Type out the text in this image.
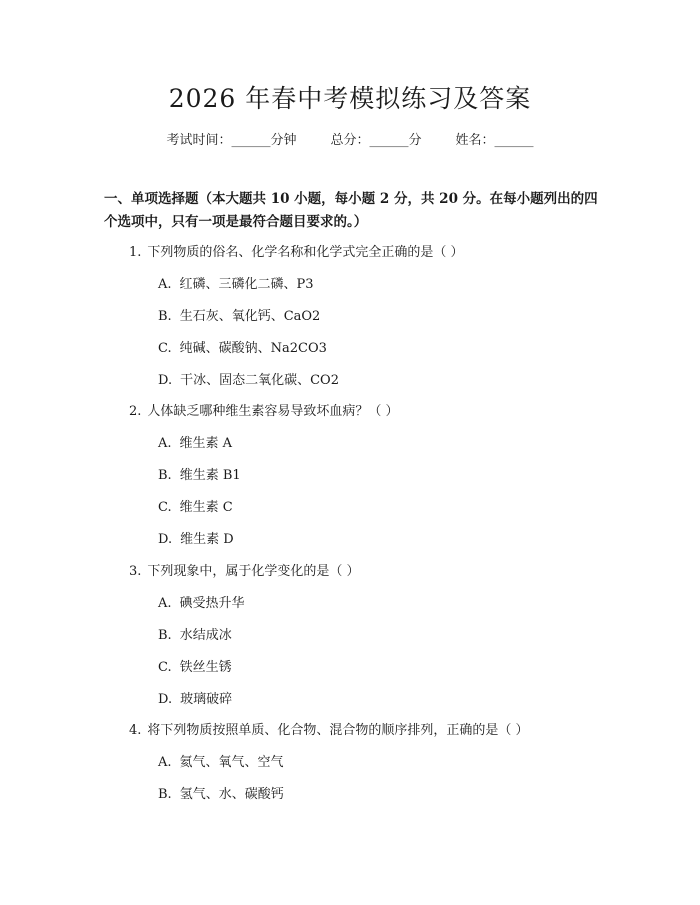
2026 年春中考模拟练习及答案
考试时间：______分钟	总分：______分	姓名：______
一、单项选择题（本大题共 10 小题，每小题 2 分，共 20 分。在每小题列出的四
个选项中，只有一项是最符合题目要求的。）
1. 下列物质的俗名、化学名称和化学式完全正确的是（ ）
A. 红磷、三磷化二磷、P3
B. 生石灰、氧化钙、CaO2
C. 纯碱、碳酸钠、Na2CO3
D. 干冰、固态二氧化碳、CO2
2. 人体缺乏哪种维生素容易导致坏血病？（ ）
A. 维生素 A
B. 维生素 B1
C. 维生素 C
D. 维生素 D
3. 下列现象中，属于化学变化的是（ ）
A. 碘受热升华
B. 水结成冰
C. 铁丝生锈
D. 玻璃破碎
4. 将下列物质按照单质、化合物、混合物的顺序排列，正确的是（ ）
A. 氦气、氧气、空气
B. 氢气、水、碳酸钙
